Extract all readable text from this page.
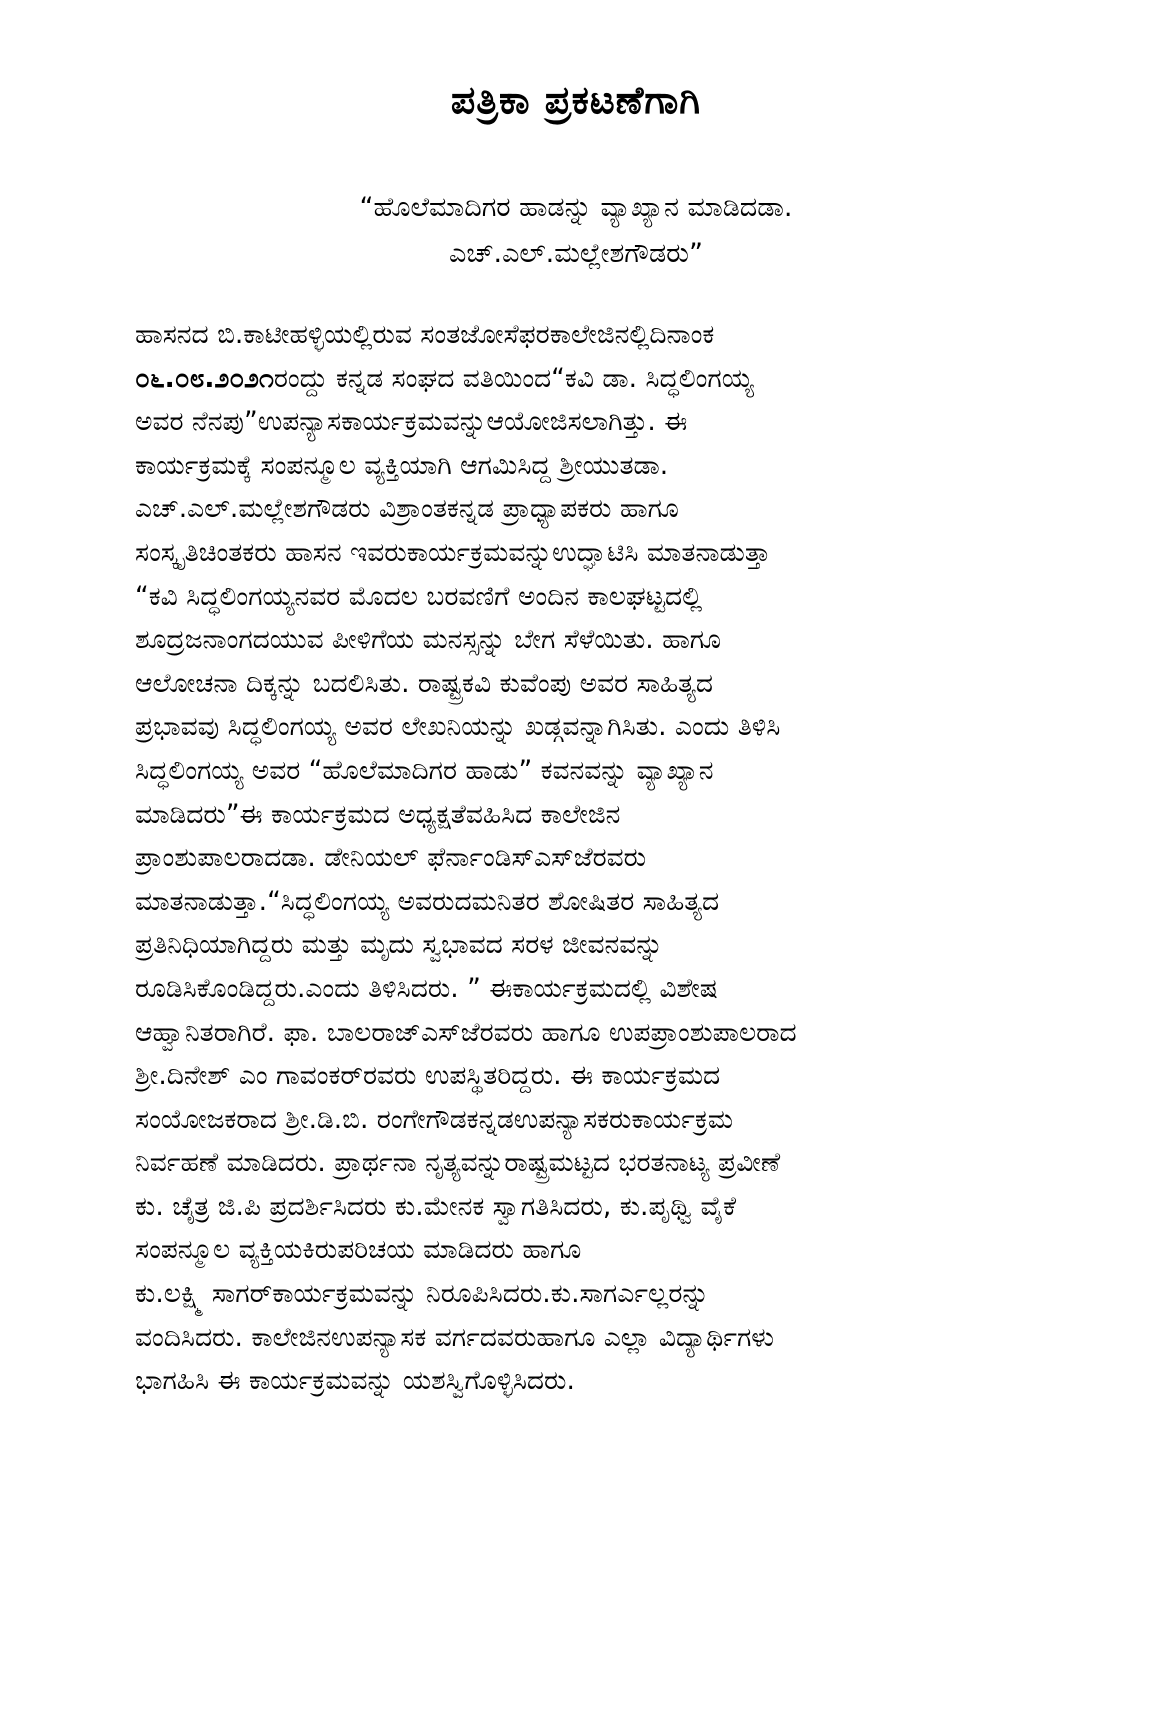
ಪತ್ರಿಕಾ ಪ್ರಕಟಣೆಗಾಗಿ
“ಹೊಲೆಮಾದಿಗರ ಹಾಡನ್ನು ವ್ಯಾಖ್ಯಾನ ಮಾಡಿದಡಾ.
ಎಚ್.ಎಲ್.ಮಲ್ಲೇಶಗೌಡರು”
ಹಾಸನದ ಬಿ.ಕಾಟೀಹಳ್ಳಿಯಲ್ಲಿರುವ ಸಂತಜೋಸೆಫರಕಾಲೇಜಿನಲ್ಲಿದಿನಾಂಕ
೦೬.೦೮.೨೦೨೧ರಂದ್ದು ಕನ್ನಡ ಸಂಘದ ವತಿಯಿಂದ“ಕವಿ ಡಾ. ಸಿದ್ಧಲಿಂಗಯ್ಯ
ಅವರ ನೆನಪು”ಉಪನ್ಯಾಸಕಾರ್ಯಕ್ರಮವನ್ನುಆಯೋಜಿಸಲಾಗಿತ್ತು. ಈ
ಕಾರ್ಯಕ್ರಮಕ್ಕೆ ಸಂಪನ್ಮೂಲ ವ್ಯಕ್ತಿಯಾಗಿ ಆಗಮಿಸಿದ್ದ ಶ್ರೀಯುತಡಾ.
ಎಚ್.ಎಲ್.ಮಲ್ಲೇಶಗೌಡರು ವಿಶ್ರಾಂತಕನ್ನಡ ಪ್ರಾಧ್ಯಾಪಕರು ಹಾಗೂ
ಸಂಸ್ಕೃತಿಚಿಂತಕರು ಹಾಸನ ಇವರುಕಾರ್ಯಕ್ರಮವನ್ನುಉದ್ಘಾಟಿಸಿ ಮಾತನಾಡುತ್ತಾ
“ಕವಿ ಸಿದ್ಧಲಿಂಗಯ್ಯನವರ ಮೊದಲ ಬರವಣಿಗೆ ಅಂದಿನ ಕಾಲಘಟ್ಟದಲ್ಲಿ
ಶೂದ್ರಜನಾಂಗದಯುವ ಪೀಳಿಗೆಯ ಮನಸ್ಸನ್ನು ಬೇಗ ಸೆಳೆಯಿತು. ಹಾಗೂ
ಆಲೋಚನಾ ದಿಕ್ಕನ್ನು ಬದಲಿಸಿತು. ರಾಷ್ಟ್ರಕವಿ ಕುವೆಂಪು ಅವರ ಸಾಹಿತ್ಯದ
ಪ್ರಭಾವವು ಸಿದ್ಧಲಿಂಗಯ್ಯ ಅವರ ಲೇಖನಿಯನ್ನು ಖಡ್ಗವನ್ನಾಗಿಸಿತು. ಎಂದು ತಿಳಿಸಿ
ಸಿದ್ಧಲಿಂಗಯ್ಯ ಅವರ “ಹೊಲೆಮಾದಿಗರ ಹಾಡು” ಕವನವನ್ನು ವ್ಯಾಖ್ಯಾನ
ಮಾಡಿದರು”ಈ ಕಾರ್ಯಕ್ರಮದ ಅಧ್ಯಕ್ಷತೆವಹಿಸಿದ ಕಾಲೇಜಿನ
ಪ್ರಾಂಶುಪಾಲರಾದಡಾ. ಡೇನಿಯಲ್ ಫೆರ್ನಾಂಡಿಸ್ಎಸ್‌ಜೆರವರು
ಮಾತನಾಡುತ್ತಾ.“ಸಿದ್ಧಲಿಂಗಯ್ಯ ಅವರುದಮನಿತರ ಶೋಷಿತರ ಸಾಹಿತ್ಯದ
ಪ್ರತಿನಿಧಿಯಾಗಿದ್ದರು ಮತ್ತು ಮೃದು ಸ್ವಭಾವದ ಸರಳ ಜೀವನವನ್ನು
ರೂಡಿಸಿಕೊಂಡಿದ್ದರು.ಎಂದು ತಿಳಿಸಿದರು. ” ಈಕಾರ್ಯಕ್ರಮದಲ್ಲಿ ವಿಶೇಷ
ಆಹ್ವಾನಿತರಾಗಿರೆ. ಫಾ. ಬಾಲರಾಜ್ಎಸ್‌ಜೆರವರು ಹಾಗೂ ಉಪಪ್ರಾಂಶುಪಾಲರಾದ
ಶ್ರೀ.ದಿನೇಶ್ ಎಂ ಗಾವಂಕರ್‌ರವರು ಉಪಸ್ಥಿತರಿದ್ದರು. ಈ ಕಾರ್ಯಕ್ರಮದ
ಸಂಯೋಜಕರಾದ ಶ್ರೀ.ಡಿ.ಬಿ. ರಂಗೇಗೌಡಕನ್ನಡಉಪನ್ಯಾಸಕರುಕಾರ್ಯಕ್ರಮ
ನಿರ್ವಹಣೆ ಮಾಡಿದರು. ಪ್ರಾರ್ಥನಾ ನೃತ್ಯವನ್ನುರಾಷ್ಟ್ರಮಟ್ಟದ ಭರತನಾಟ್ಯ ಪ್ರವೀಣೆ
ಕು. ಚೈತ್ರ ಜಿ.ಪಿ ಪ್ರದರ್ಶಿಸಿದರು ಕು.ಮೇನಕ ಸ್ವಾಗತಿಸಿದರು, ಕು.ಪೃಥ್ವಿ ವೈಕೆ
ಸಂಪನ್ಮೂಲ ವ್ಯಕ್ತಿಯಕಿರುಪರಿಚಯ ಮಾಡಿದರು ಹಾಗೂ
ಕು.ಲಕ್ಷ್ಮಿ ಸಾಗರ್‌ಕಾರ್ಯಕ್ರಮವನ್ನು ನಿರೂಪಿಸಿದರು.ಕು.ಸಾಗರ್ಎಲ್ಲರನ್ನು
ವಂದಿಸಿದರು. ಕಾಲೇಜಿನಉಪನ್ಯಾಸಕ ವರ್ಗದವರುಹಾಗೂ ಎಲ್ಲಾ ವಿದ್ಯಾರ್ಥಿಗಳು
ಭಾಗಹಿಸಿ ಈ ಕಾರ್ಯಕ್ರಮವನ್ನು ಯಶಸ್ವಿಗೊಳ್ಳಿಸಿದರು.
